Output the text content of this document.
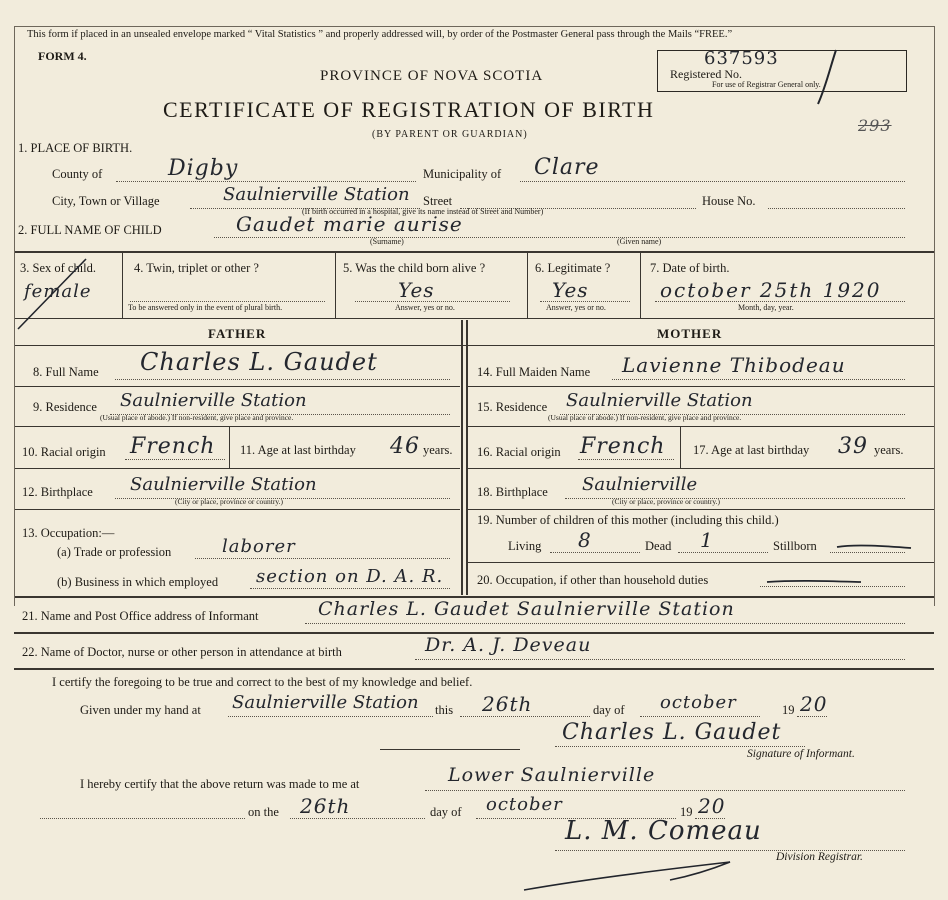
This form if placed in an unsealed envelope marked “ Vital Statistics ” and properly addressed will, by order of the Postmaster General pass through the Mails “FREE.”
FORM 4.
PROVINCE OF NOVA SCOTIA
CERTIFICATE OF REGISTRATION OF BIRTH
(BY PARENT OR GUARDIAN)
Registered No.
637593
For use of Registrar General only.
293
1. PLACE OF BIRTH.
County of	Digby	Municipality of Clare
City, Town or Village	Saulnierville Station Street	House No.
(If birth occurred in a hospital, give its name instead of Street and Number)
2. FULL NAME OF CHILD	Gaudet marie aurise
(Surname)	(Given name)
3. Sex of child.
female
4. Twin, triplet or other ?
To be answered only in the event of plural birth.
5. Was the child born alive ?
Yes
Answer, yes or no.
6. Legitimate ?
Yes
Answer, yes or no.
7. Date of birth.
october 25th 1920
Month, day, year.
FATHER	MOTHER
8. Full Name Charles L. Gaudet
9. Residence Saulnierville Station
(Usual place of abode.) If non-resident, give place and province.
10. Racial origin French 11. Age at last birthday 46 years.
12. Birthplace Saulnierville Station
(City or place, province or country.)
13. Occupation:—
(a) Trade or profession	laborer
(b) Business in which employed section on D. A. R.
14. Full Maiden Name Lavienne Thibodeau
15. Residence Saulnierville Station
(Usual place of abode.) If non-resident, give place and province.
16. Racial origin French 17. Age at last birthday 39 years.
18. Birthplace Saulnierville
(City or place, province or country.)
19. Number of children of this mother (including this child.)
Living 8	Dead 1	Stillborn
20. Occupation, if other than household duties
21. Name and Post Office address of Informant	Charles L. Gaudet Saulnierville Station
22. Name of Doctor, nurse or other person in attendance at birth	Dr. A. J. Deveau
I certify the foregoing to be true and correct to the best of my knowledge and belief.
Given under my hand at Saulnierville Station this 26th	day of october	19 20
Charles L. Gaudet
Signature of Informant.
I hereby certify that the above return was made to me at	Lower Saulnierville
on the 26th	day of october	19 20
L. M. Comeau
Division Registrar.
